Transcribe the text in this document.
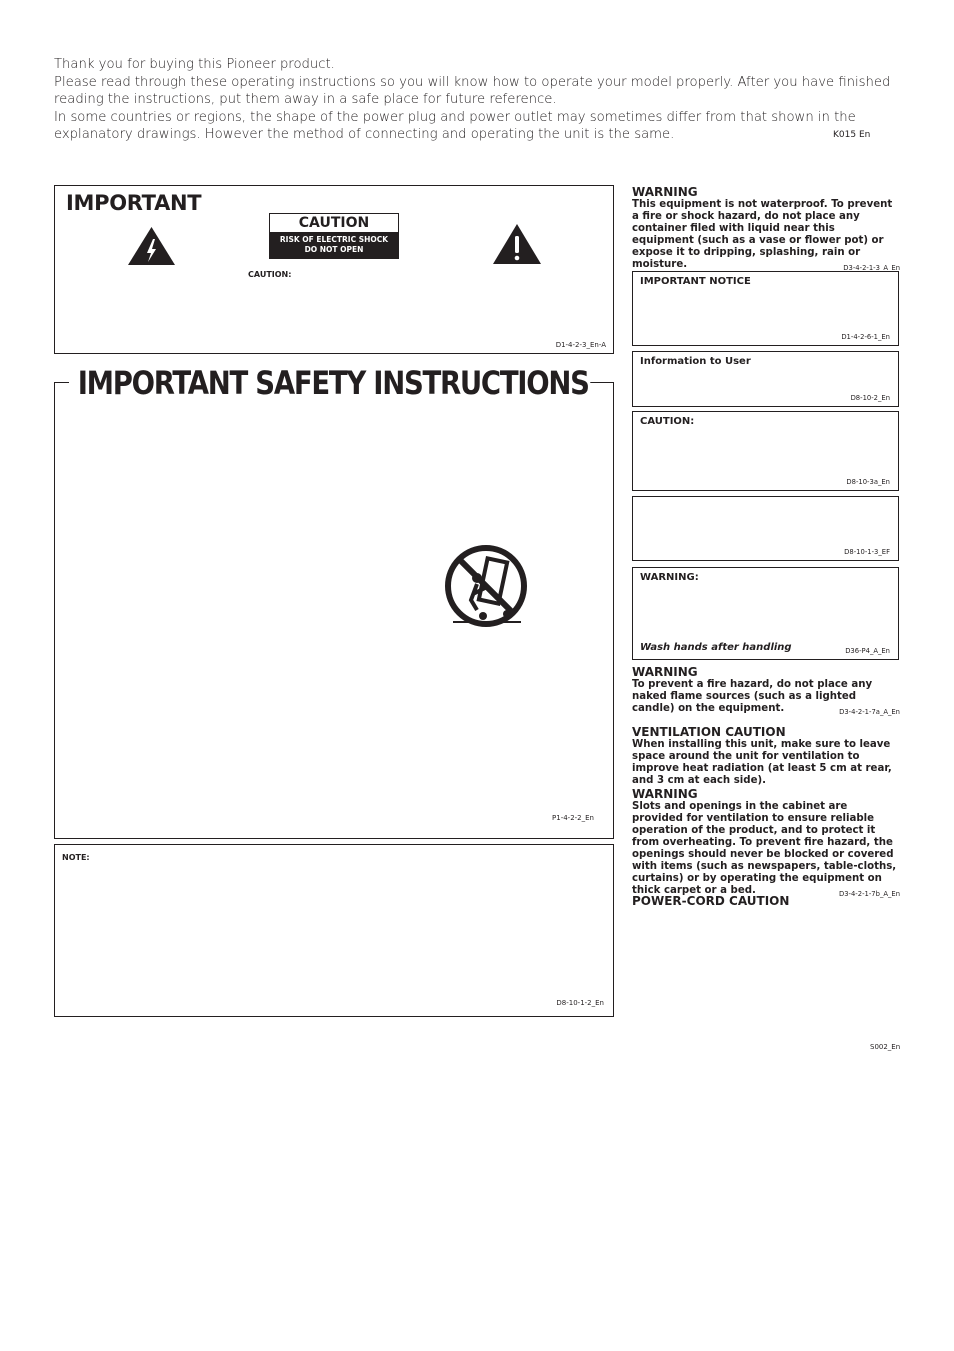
Thank you for buying this Pioneer product.

Please read through these operating instructions so you will know how to operate your model properly. After you have finished reading the instructions, put them away in a safe place for future reference.

In some countries or regions, the shape of the power plug and power outlet may sometimes differ from that shown in the explanatory drawings. However the method of connecting and operating the unit is the same.	K015 En
IMPORTANT
CAUTION
RISK OF ELECTRIC SHOCK
DO NOT OPEN
CAUTION:
D1-4-2-3_En-A
P1-4-2-2_En
IMPORTANT SAFETY INSTRUCTIONS
NOTE:
D8-10-1-2_En
WARNING

This equipment is not waterproof. To prevent a fire or shock hazard, do not place any container filed with liquid near this equipment (such as a vase or flower pot) or expose it to dripping, splashing, rain or moisture.	D3-4-2-1-3_A_En

IMPORTANT NOTICE
D1-4-2-6-1_En
Information to User
D8-10-2_En
CAUTION:
D8-10-3a_En
D8-10-1-3_EF
WARNING:
Wash hands after handling	D36-P4_A_En
WARNING

To prevent a fire hazard, do not place any naked flame sources (such as a lighted candle) on the equipment.	D3-4-2-1-7a_A_En

VENTILATION CAUTION

When installing this unit, make sure to leave space around the unit for ventilation to improve heat radiation (at least 5 cm at rear, and 3 cm at each side).

WARNING

Slots and openings in the cabinet are provided for ventilation to ensure reliable operation of the product, and to protect it from overheating. To prevent fire hazard, the openings should never be blocked or covered with items (such as newspapers, table-cloths, curtains) or by operating the equipment on thick carpet or a bed.	D3-4-2-1-7b_A_En

POWER-CORD CAUTION
S002_En
